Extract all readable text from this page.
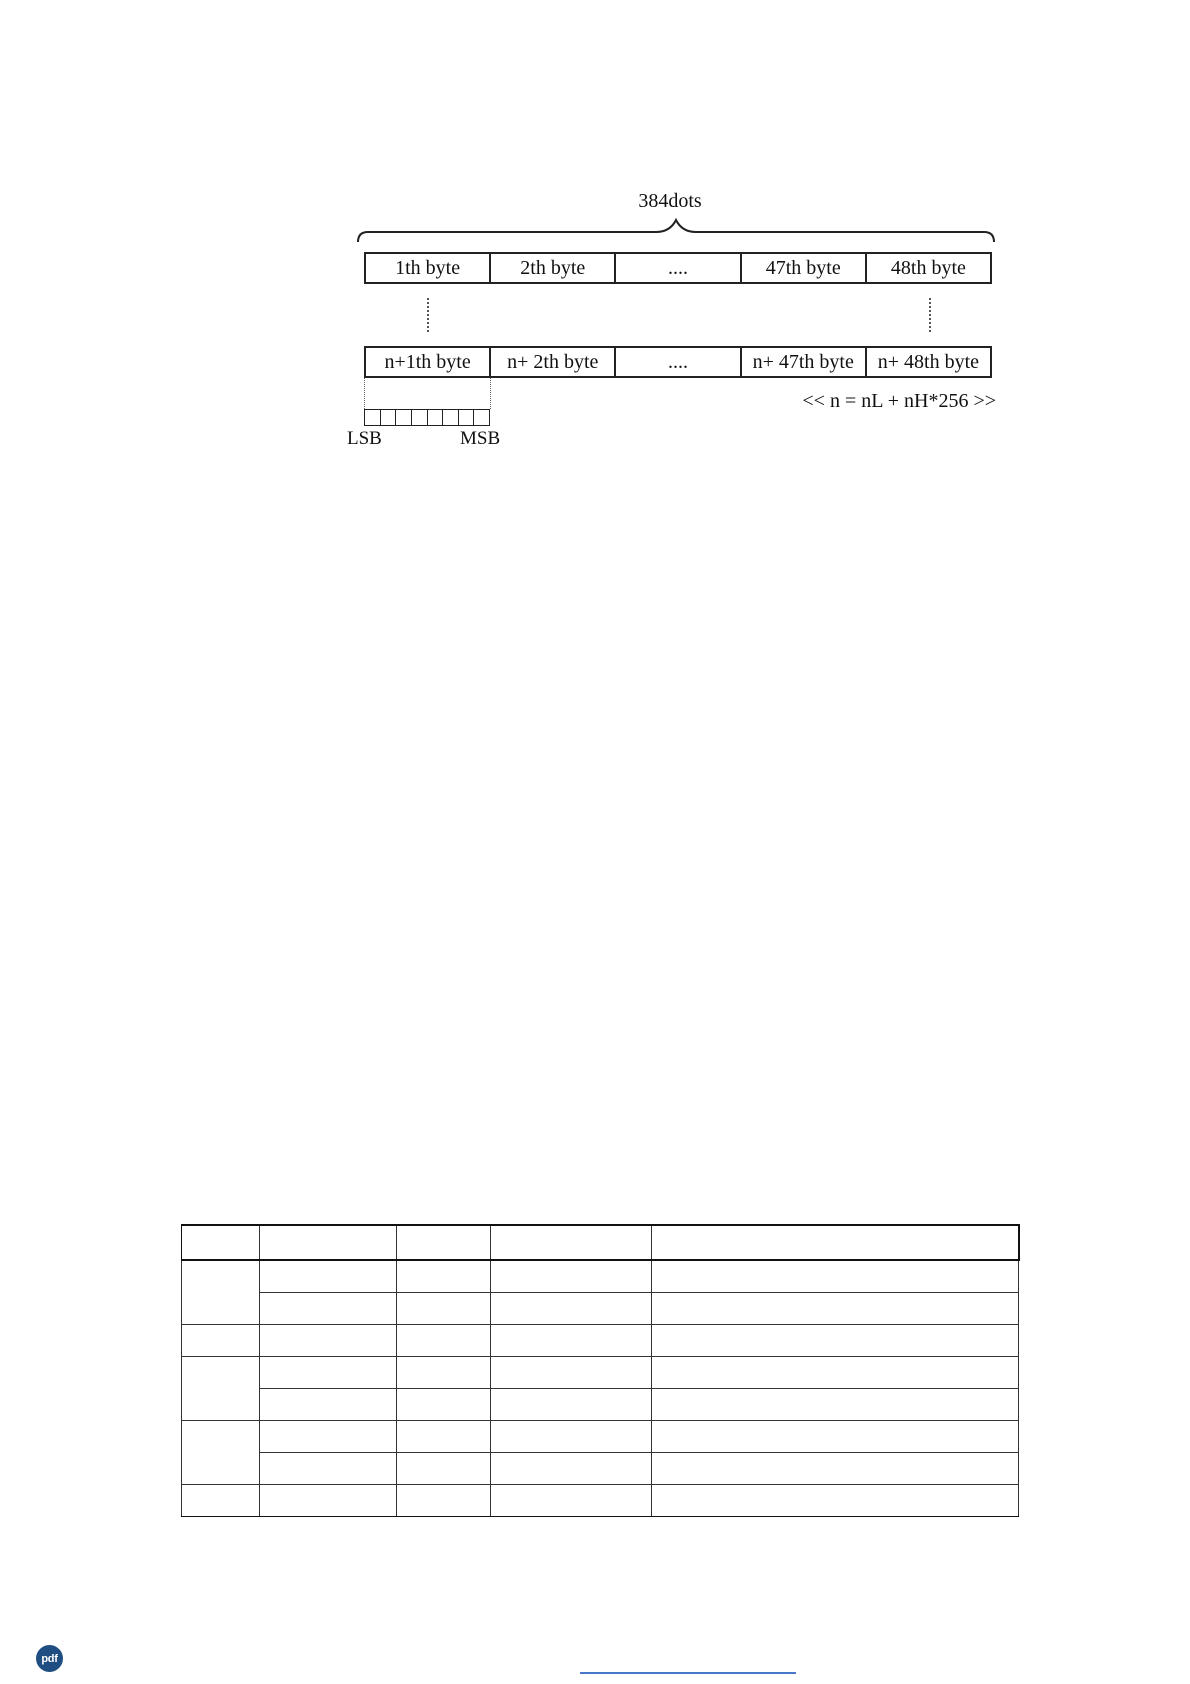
384dots
1th byte	2th byte	....	47th byte	48th byte
n+1th byte	n+ 2th byte	....	n+ 47th byte	n+ 48th byte
<< n = nL + nH*256 >>
LSB	MSB

pdf
